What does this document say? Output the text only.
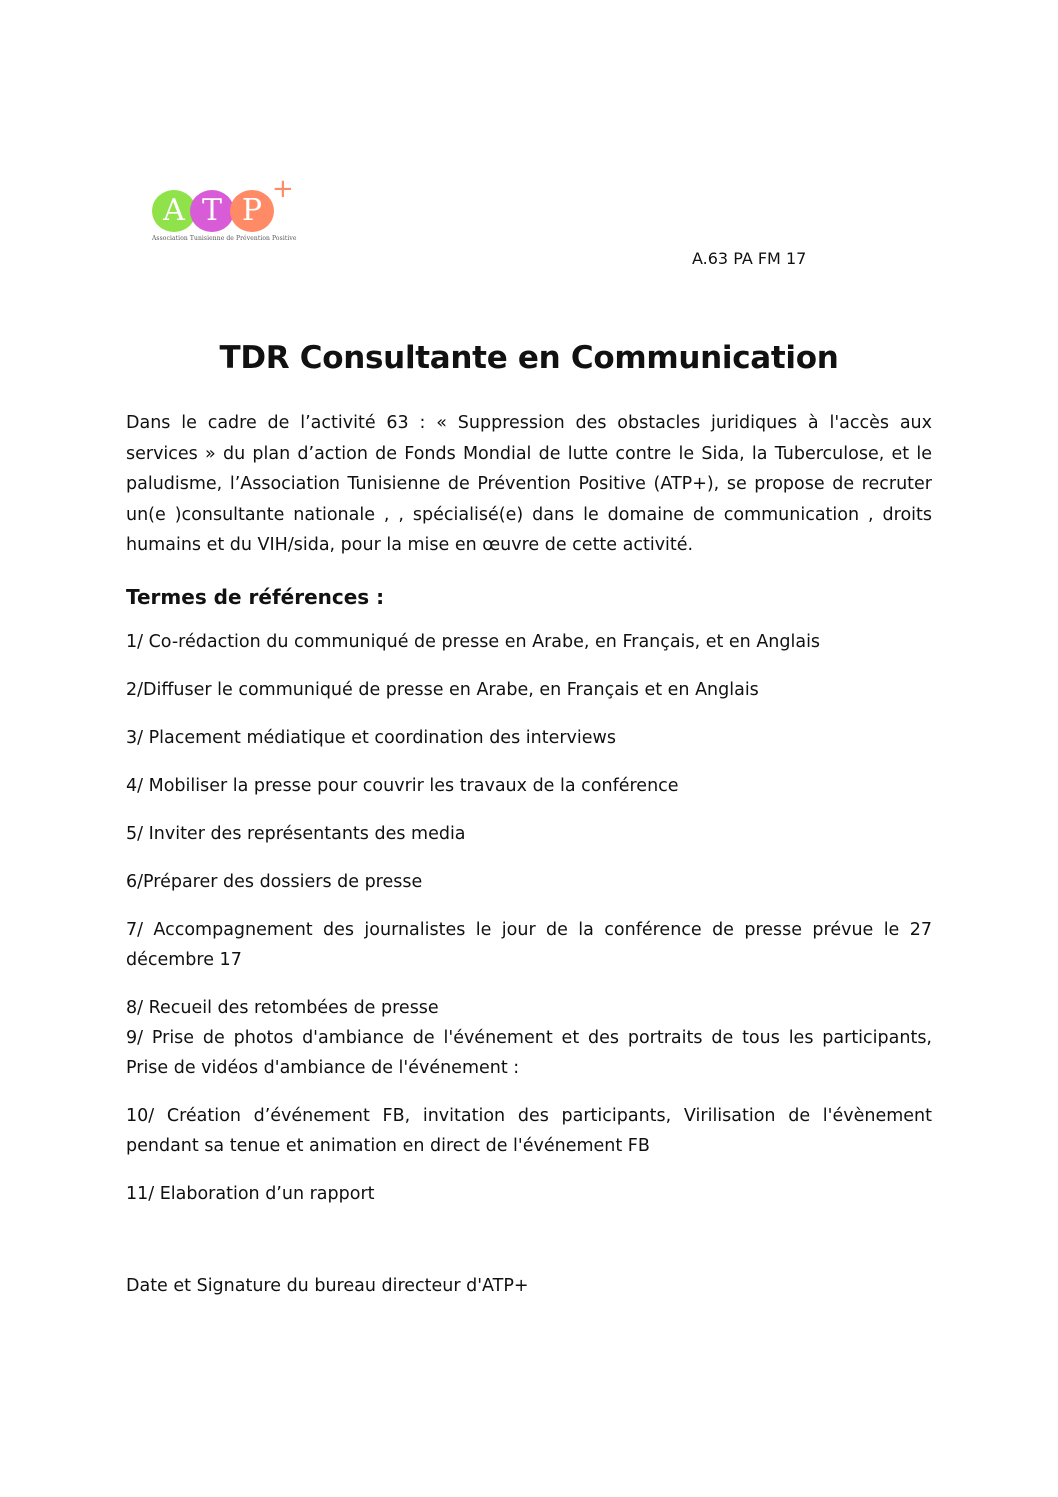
A T P
+
Association Tunisienne de Prévention Positive
A.63 PA FM 17
TDR Consultante en Communication

Dans le cadre de l’activité 63 : « Suppression des obstacles juridiques à l'accès aux services » du plan d’action de Fonds Mondial de lutte contre le Sida, la Tuberculose, et le paludisme, l’Association Tunisienne de Prévention Positive (ATP+), se propose de recruter un(e )consultante nationale , , spécialisé(e) dans le domaine de communication , droits humains et du VIH/sida, pour la mise en œuvre de cette activité.

Termes de références :

1/ Co-rédaction du communiqué de presse en Arabe, en Français, et en Anglais

2/Diffuser le communiqué de presse en Arabe, en Français et en Anglais

3/ Placement médiatique et coordination des interviews

4/ Mobiliser la presse pour couvrir les travaux de la conférence

5/ Inviter des représentants des media

6/Préparer des dossiers de presse

7/ Accompagnement des journalistes le jour de la conférence de presse prévue le 27 décembre 17

8/ Recueil des retombées de presse

9/ Prise de photos d'ambiance de l'événement et des portraits de tous les participants, Prise de vidéos d'ambiance de l'événement :

10/ Création d’événement FB, invitation des participants, Virilisation de l'évènement pendant sa tenue et animation en direct de l'événement FB

11/ Elaboration d’un rapport

Date et Signature du bureau directeur d'ATP+
